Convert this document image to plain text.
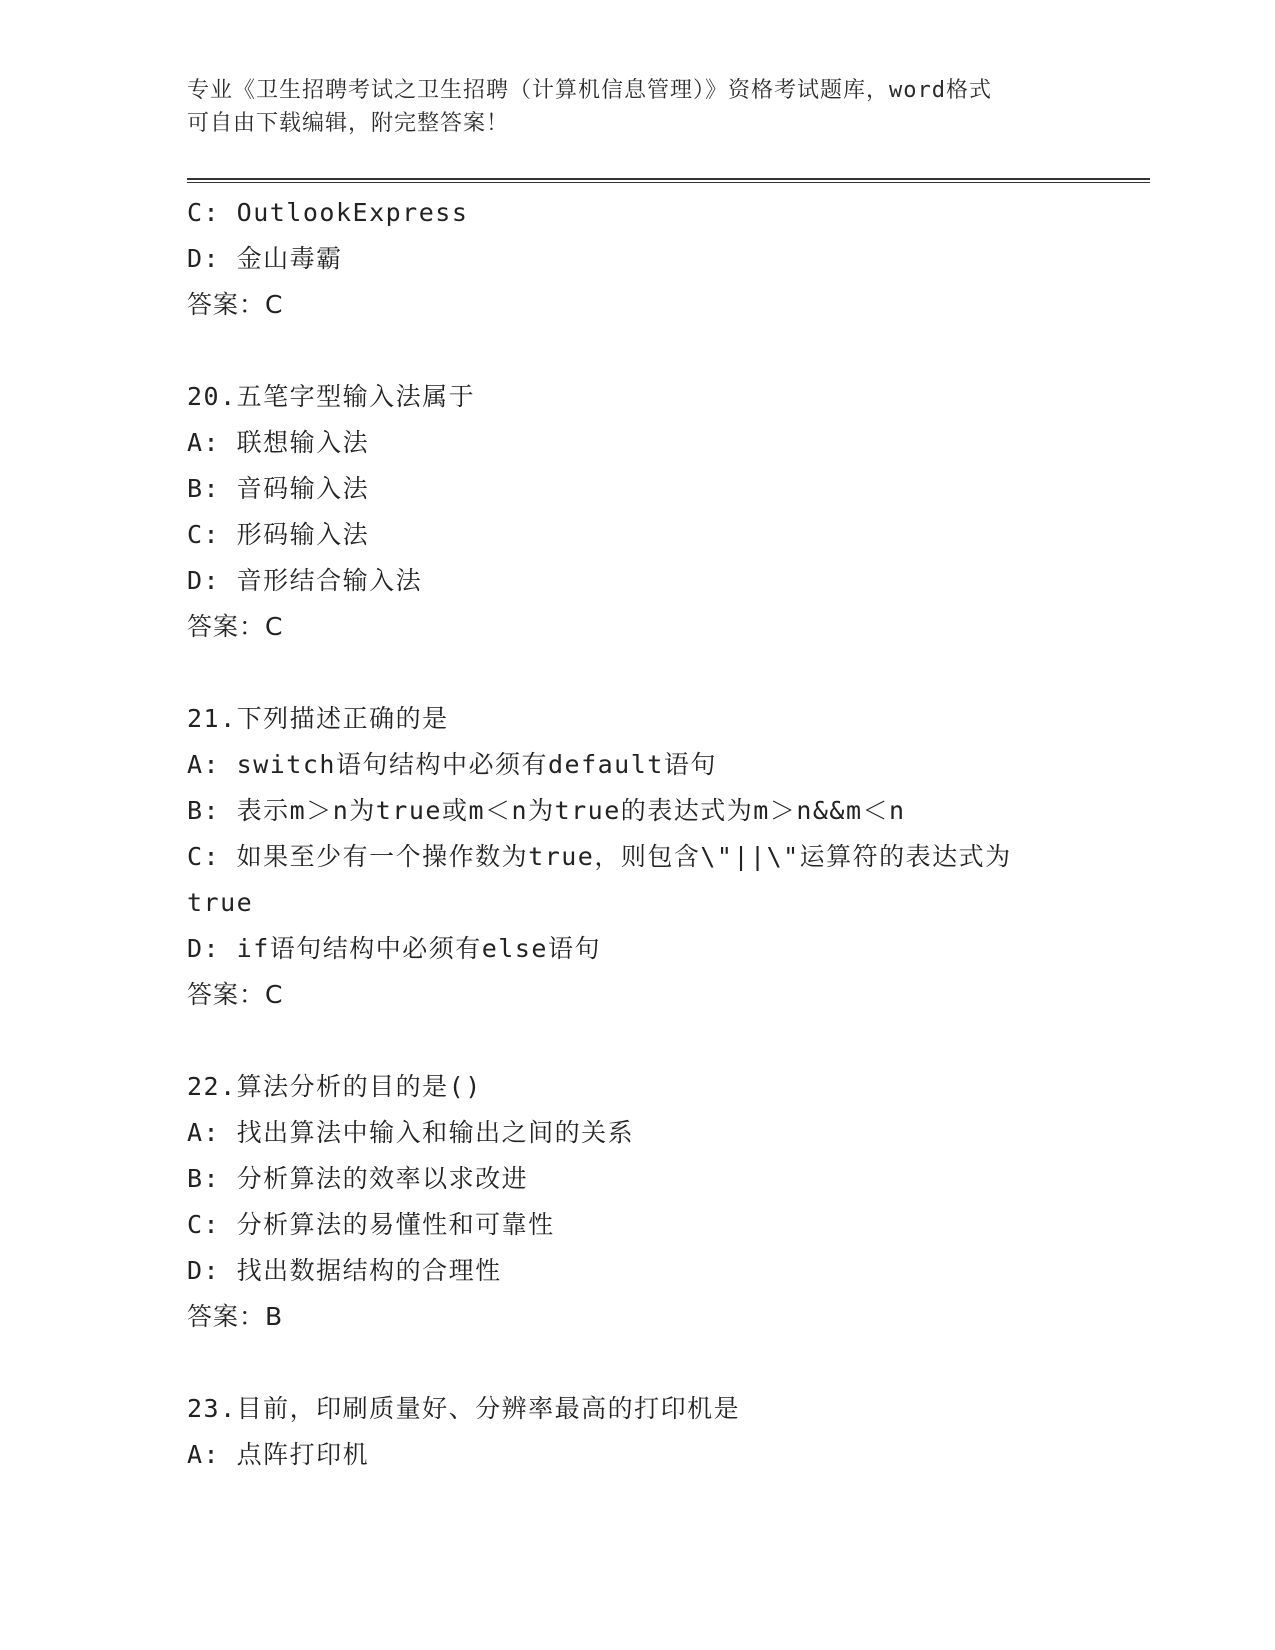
专业《卫生招聘考试之卫生招聘（计算机信息管理）》资格考试题库，word格式
可自由下载编辑，附完整答案！
C: OutlookExpress
D: 金山毒霸
答案：C
20.五笔字型输入法属于
A: 联想输入法
B: 音码输入法
C: 形码输入法
D: 音形结合输入法
答案：C
21.下列描述正确的是
A: switch语句结构中必须有default语句
B: 表示m＞n为true或m＜n为true的表达式为m＞n&&m＜n
C: 如果至少有一个操作数为true，则包含\"||\"运算符的表达式为
true
D: if语句结构中必须有else语句
答案：C
22.算法分析的目的是()
A: 找出算法中输入和输出之间的关系
B: 分析算法的效率以求改进
C: 分析算法的易懂性和可靠性
D: 找出数据结构的合理性
答案：B
23.目前，印刷质量好、分辨率最高的打印机是
A: 点阵打印机
